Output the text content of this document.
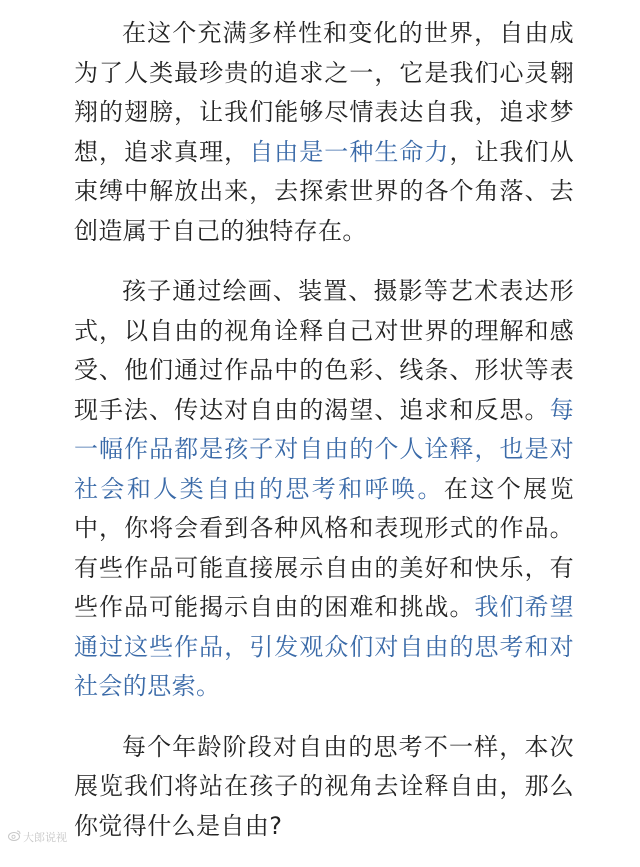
在这个充满多样性和变化的世界，自由成为了人类最珍贵的追求之一，它是我们心灵翱翔的翅膀，让我们能够尽情表达自我，追求梦想，追求真理，自由是一种生命力，让我们从束缚中解放出来，去探索世界的各个角落、去创造属于自己的独特存在。

孩子通过绘画、装置、摄影等艺术表达形式，以自由的视角诠释自己对世界的理解和感受、他们通过作品中的色彩、线条、形状等表现手法、传达对自由的渴望、追求和反思。每一幅作品都是孩子对自由的个人诠释，也是对社会和人类自由的思考和呼唤。在这个展览中，你将会看到各种风格和表现形式的作品。有些作品可能直接展示自由的美好和快乐，有些作品可能揭示自由的困难和挑战。我们希望通过这些作品，引发观众们对自由的思考和对社会的思索。

每个年龄阶段对自由的思考不一样，本次展览我们将站在孩子的视角去诠释自由，那么你觉得什么是自由?

大郎说视
